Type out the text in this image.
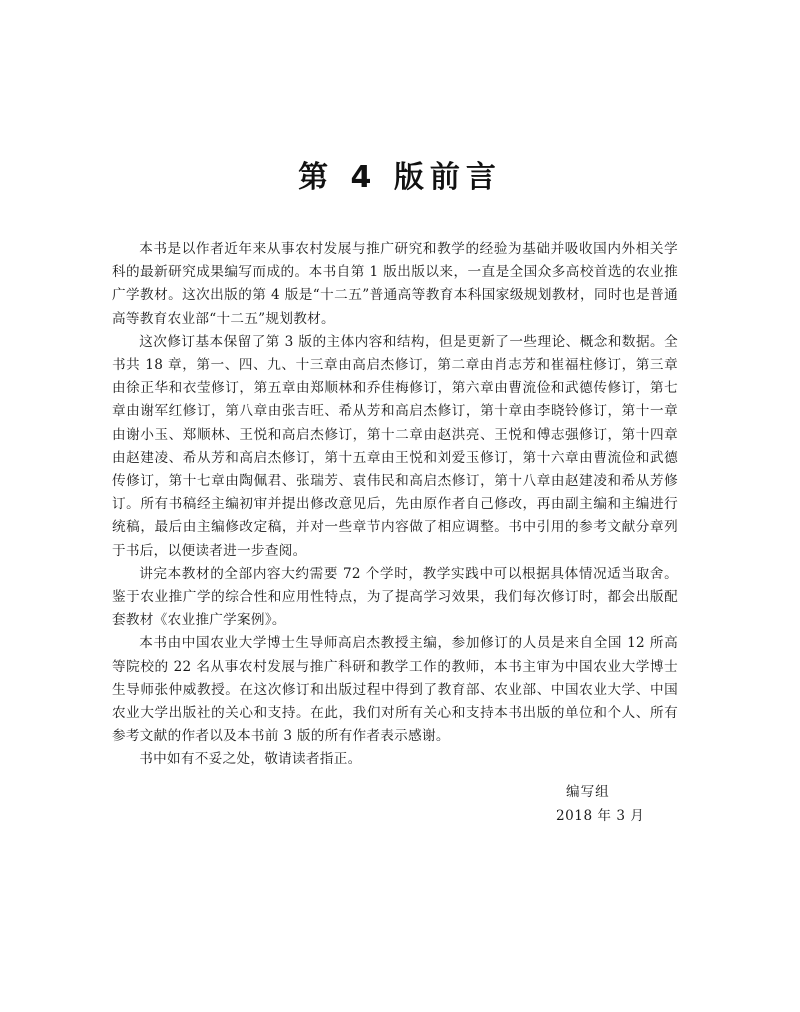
第 4 版前言

本书是以作者近年来从事农村发展与推广研究和教学的经验为基础并吸收国内外相关学科的最新研究成果编写而成的。本书自第 1 版出版以来，一直是全国众多高校首选的农业推广学教材。这次出版的第 4 版是“十二五”普通高等教育本科国家级规划教材，同时也是普通高等教育农业部“十二五”规划教材。

这次修订基本保留了第 3 版的主体内容和结构，但是更新了一些理论、概念和数据。全书共 18 章，第一、四、九、十三章由高启杰修订，第二章由肖志芳和崔福柱修订，第三章由徐正华和衣莹修订，第五章由郑顺林和乔佳梅修订，第六章由曹流俭和武德传修订，第七章由谢军红修订，第八章由张吉旺、希从芳和高启杰修订，第十章由李晓铃修订，第十一章由谢小玉、郑顺林、王悦和高启杰修订，第十二章由赵洪亮、王悦和傅志强修订，第十四章由赵建凌、希从芳和高启杰修订，第十五章由王悦和刘爱玉修订，第十六章由曹流俭和武德传修订，第十七章由陶佩君、张瑞芳、袁伟民和高启杰修订，第十八章由赵建凌和希从芳修订。所有书稿经主编初审并提出修改意见后，先由原作者自己修改，再由副主编和主编进行统稿，最后由主编修改定稿，并对一些章节内容做了相应调整。书中引用的参考文献分章列于书后，以便读者进一步查阅。

讲完本教材的全部内容大约需要 72 个学时，教学实践中可以根据具体情况适当取舍。鉴于农业推广学的综合性和应用性特点，为了提高学习效果，我们每次修订时，都会出版配套教材《农业推广学案例》。

本书由中国农业大学博士生导师高启杰教授主编，参加修订的人员是来自全国 12 所高等院校的 22 名从事农村发展与推广科研和教学工作的教师，本书主审为中国农业大学博士生导师张仲威教授。在这次修订和出版过程中得到了教育部、农业部、中国农业大学、中国农业大学出版社的关心和支持。在此，我们对所有关心和支持本书出版的单位和个人、所有参考文献的作者以及本书前 3 版的所有作者表示感谢。

书中如有不妥之处，敬请读者指正。

编写组
2018 年 3 月
